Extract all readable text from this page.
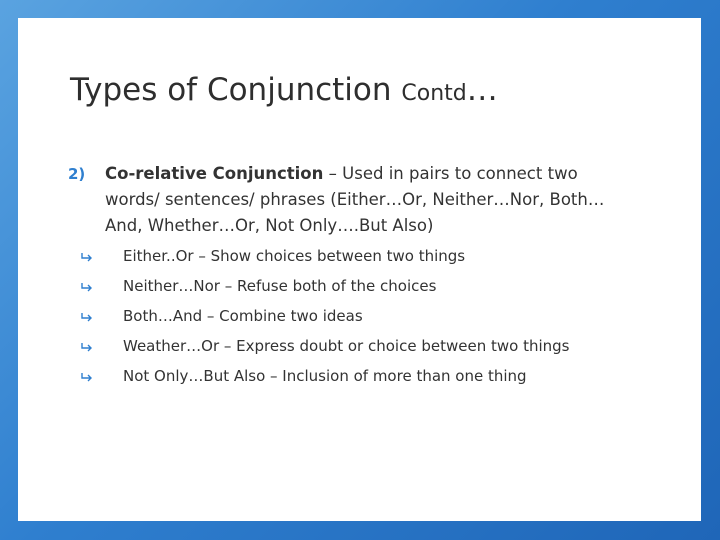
Types of Conjunction Contd…
2) Co-relative Conjunction – Used in pairs to connect two words/ sentences/ phrases (Either…Or, Neither…Nor, Both…And, Whether…Or, Not Only….But Also)
Either..Or – Show choices between two things
Neither…Nor – Refuse both of the choices
Both…And – Combine two ideas
Weather…Or – Express doubt or choice between two things
Not Only…But Also – Inclusion of more than one thing
